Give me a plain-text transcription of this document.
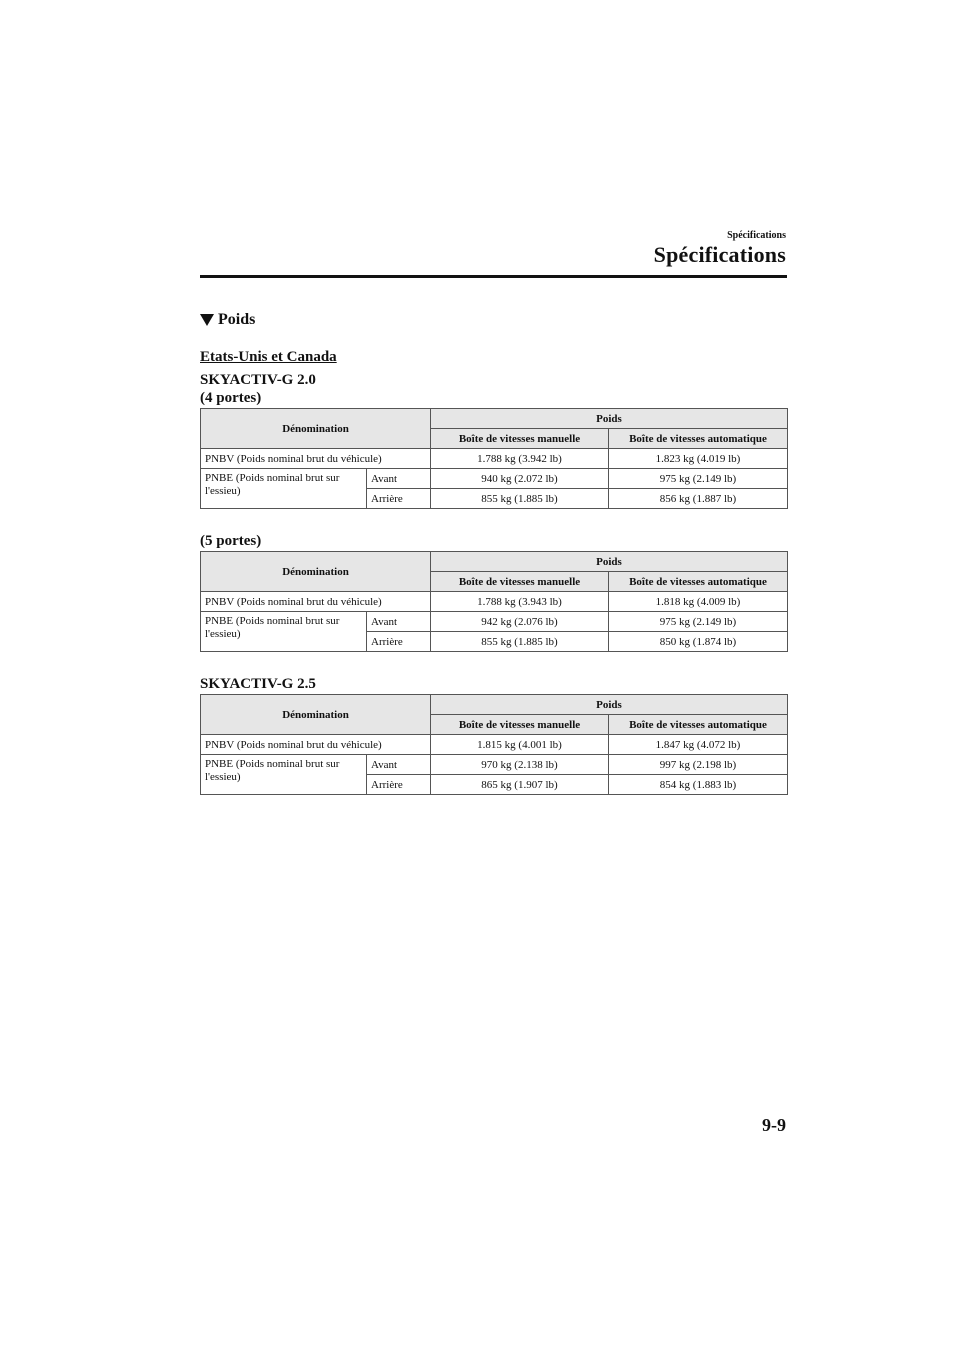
Spécifications
Spécifications
Poids
Etats-Unis et Canada
SKYACTIV-G 2.0
(4 portes)
Dénomination		Poids	
		Boîte de vitesses manuelle	Boîte de vitesses automatique
PNBV (Poids nominal brut du véhicule)		1.788 kg (3.942 lb)	1.823 kg (4.019 lb)
PNBE (Poids nominal brut sur l'essieu)	Avant	940 kg (2.072 lb)	975 kg (2.149 lb)
	Arrière	855 kg (1.885 lb)	856 kg (1.887 lb)
(5 portes)
Dénomination		Poids	
		Boîte de vitesses manuelle	Boîte de vitesses automatique
PNBV (Poids nominal brut du véhicule)		1.788 kg (3.943 lb)	1.818 kg (4.009 lb)
PNBE (Poids nominal brut sur l'essieu)	Avant	942 kg (2.076 lb)	975 kg (2.149 lb)
	Arrière	855 kg (1.885 lb)	850 kg (1.874 lb)
SKYACTIV-G 2.5
Dénomination		Poids	
		Boîte de vitesses manuelle	Boîte de vitesses automatique
PNBV (Poids nominal brut du véhicule)		1.815 kg (4.001 lb)	1.847 kg (4.072 lb)
PNBE (Poids nominal brut sur l'essieu)	Avant	970 kg (2.138 lb)	997 kg (2.198 lb)
	Arrière	865 kg (1.907 lb)	854 kg (1.883 lb)
9-9
